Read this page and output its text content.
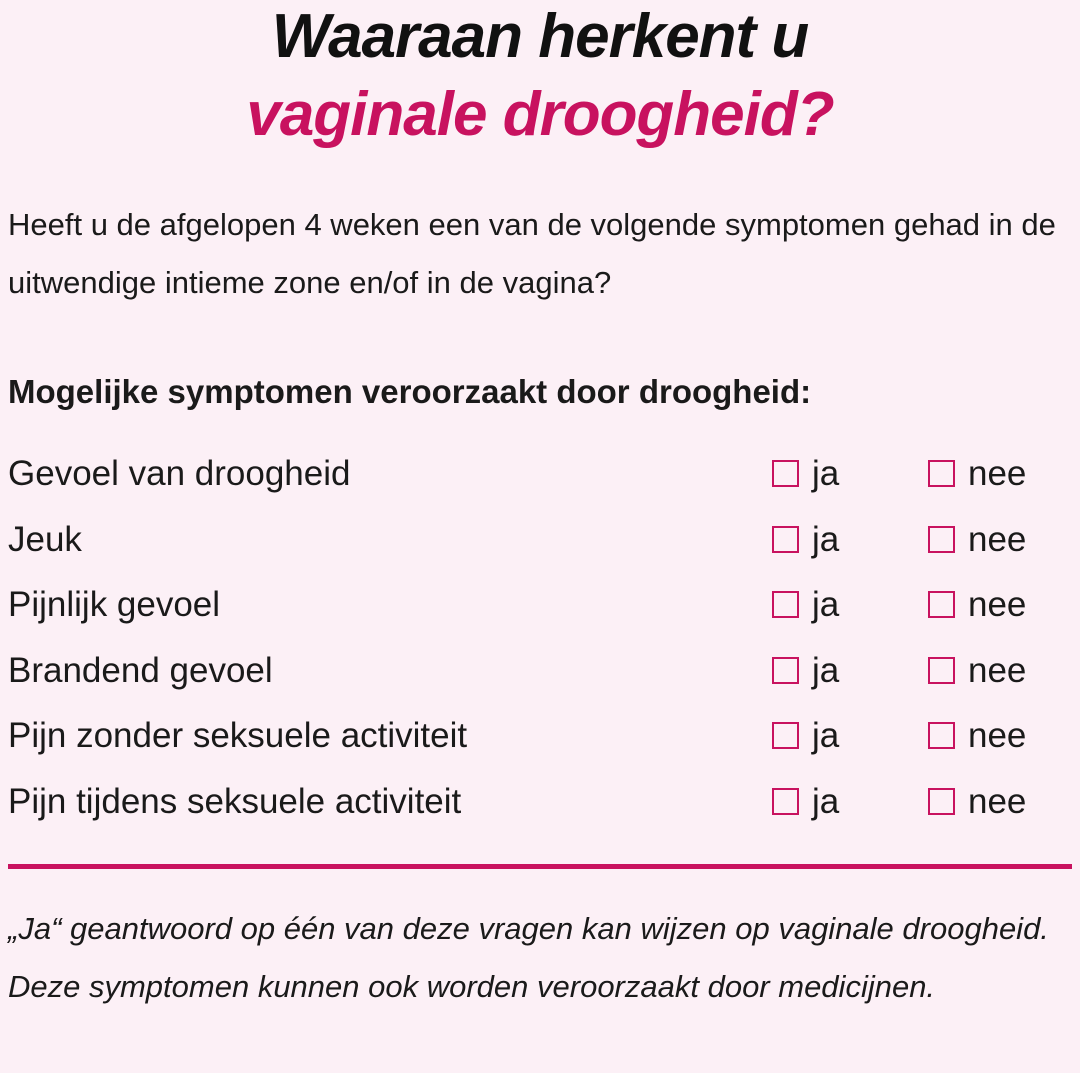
Waaraan herkent u
vaginale droogheid?
Heeft u de afgelopen 4 weken een van de volgende symptomen gehad in de uitwendige intieme zone en/of in de vagina?
Mogelijke symptomen veroorzaakt door droogheid:
Gevoel van droogheid	ja	nee
Jeuk	ja	nee
Pijnlijk gevoel	ja	nee
Brandend gevoel	ja	nee
Pijn zonder seksuele activiteit	ja	nee
Pijn tijdens seksuele activiteit	ja	nee
„Ja“ geantwoord op één van deze vragen kan wijzen op vaginale droogheid. Deze symptomen kunnen ook worden veroorzaakt door medicijnen.
